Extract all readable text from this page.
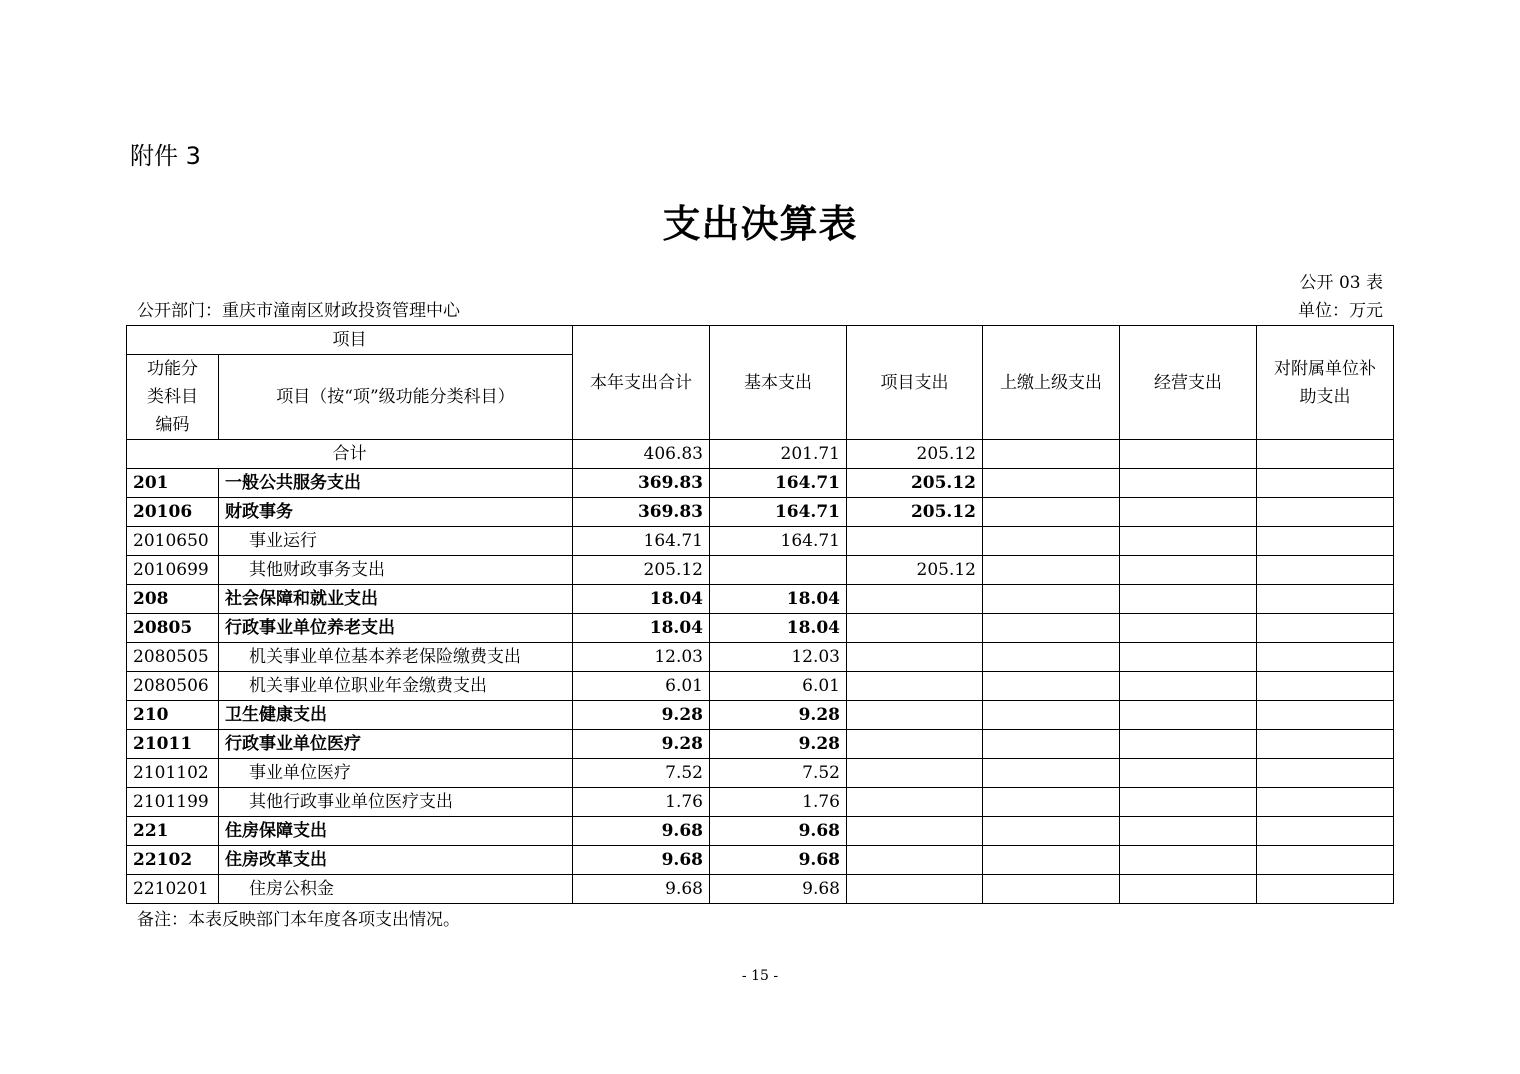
附件 3
支出决算表
公开 03 表
公开部门：重庆市潼南区财政投资管理中心	单位：万元
项目		本年支出合计	基本支出	项目支出	上缴上级支出	经营支出	对附属单位补助支出
功能分类科目编码	项目（按“项”级功能分类科目）						
合计		406.83	201.71	205.12			
201	一般公共服务支出	369.83	164.71	205.12			
20106	财政事务	369.83	164.71	205.12			
2010650	事业运行	164.71	164.71				
2010699	其他财政事务支出	205.12		205.12			
208	社会保障和就业支出	18.04	18.04				
20805	行政事业单位养老支出	18.04	18.04				
2080505	机关事业单位基本养老保险缴费支出	12.03	12.03				
2080506	机关事业单位职业年金缴费支出	6.01	6.01				
210	卫生健康支出	9.28	9.28				
21011	行政事业单位医疗	9.28	9.28				
2101102	事业单位医疗	7.52	7.52				
2101199	其他行政事业单位医疗支出	1.76	1.76				
221	住房保障支出	9.68	9.68				
22102	住房改革支出	9.68	9.68				
2210201	住房公积金	9.68	9.68				
备注：本表反映部门本年度各项支出情况。
- 15 -
